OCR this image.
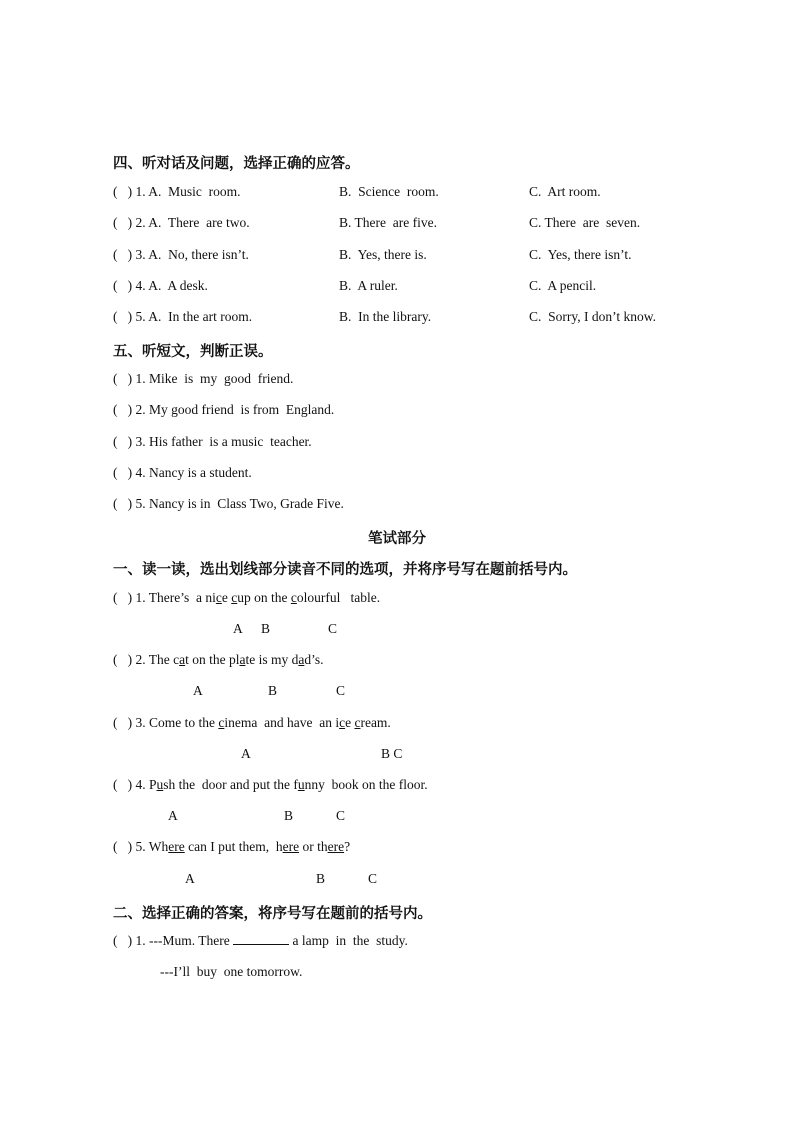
四、听对话及问题，选择正确的应答。
(   ) 1. A.  Music  room.	B.  Science  room.	C.  Art room.
(   ) 2. A.  There  are two.	B. There  are five.	C. There  are  seven.
(   ) 3. A.  No, there isn’t.	B.  Yes, there is.	C.  Yes, there isn’t.
(   ) 4. A.  A desk.	B.  A ruler.	C.  A pencil.
(   ) 5. A.  In the art room.	B.  In the library.	C.  Sorry, I don’t know.
五、听短文，判断正误。
(   ) 1. Mike  is  my  good  friend.
(   ) 2. My good friend  is from  England.
(   ) 3. His father  is a music  teacher.
(   ) 4. Nancy is a student.
(   ) 5. Nancy is in  Class Two, Grade Five.
笔试部分
一、读一读，选出划线部分读音不同的选项，并将序号写在题前括号内。
(   ) 1. There’s  a nice cup on the colourful   table.
A B	C
(   ) 2. The cat on the plate is my dad’s.
A	B	C
(   ) 3. Come to the cinema  and have  an ice cream.
A	B C
(   ) 4. Push the  door and put the funny  book on the floor.
A	B	C
(   ) 5. Where can I put them,  here or there?
A	B	C
二、选择正确的答案，将序号写在题前的括号内。
(   ) 1. ---Mum. There	a lamp  in  the  study.
---I’ll  buy  one tomorrow.
